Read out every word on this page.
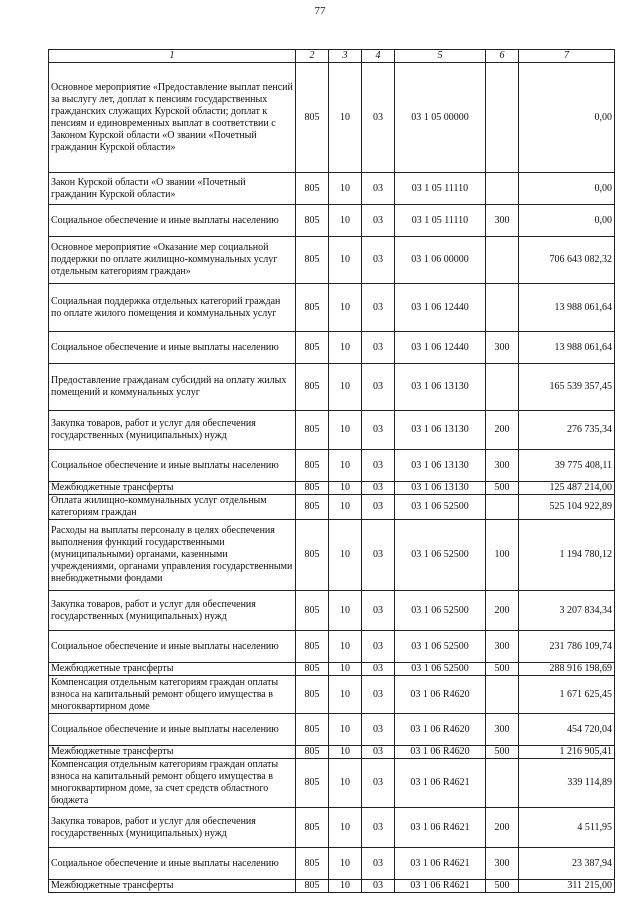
77
1	2	3	4	5	6	7
Основное мероприятие «Предоставление выплат пенсий за выслугу лет, доплат к пенсиям государственных гражданских служащих Курской области; доплат к пенсиям и единовременных выплат в соответствии с Законом Курской области «О звании «Почетный гражданин Курской области»	805	10	03	03 1 05 00000		0,00
Закон Курской области «О звании «Почетный гражданин Курской области»	805	10	03	03 1 05 11110		0,00
Социальное обеспечение и иные выплаты населению	805	10	03	03 1 05 11110	300	0,00
Основное мероприятие «Оказание мер социальной поддержки по оплате жилищно-коммунальных услуг отдельным категориям граждан»	805	10	03	03 1 06 00000		706 643 082,32
Социальная поддержка отдельных категорий граждан по оплате жилого помещения и коммунальных услуг	805	10	03	03 1 06 12440		13 988 061,64
Социальное обеспечение и иные выплаты населению	805	10	03	03 1 06 12440	300	13 988 061,64
Предоставление гражданам субсидий на оплату жилых помещений и коммунальных услуг	805	10	03	03 1 06 13130		165 539 357,45
Закупка товаров, работ и услуг для обеспечения государственных (муниципальных) нужд	805	10	03	03 1 06 13130	200	276 735,34
Социальное обеспечение и иные выплаты населению	805	10	03	03 1 06 13130	300	39 775 408,11
Межбюджетные трансферты	805	10	03	03 1 06 13130	500	125 487 214,00
Оплата жилищно-коммунальных услуг отдельным категориям граждан	805	10	03	03 1 06 52500		525 104 922,89
Расходы на выплаты персоналу в целях обеспечения выполнения функций государственными (муниципальными) органами, казенными учреждениями, органами управления государственными внебюджетными фондами	805	10	03	03 1 06 52500	100	1 194 780,12
Закупка товаров, работ и услуг для обеспечения государственных (муниципальных) нужд	805	10	03	03 1 06 52500	200	3 207 834,34
Социальное обеспечение и иные выплаты населению	805	10	03	03 1 06 52500	300	231 786 109,74
Межбюджетные трансферты	805	10	03	03 1 06 52500	500	288 916 198,69
Компенсация отдельным категориям граждан оплаты взноса на капитальный ремонт общего имущества в многоквартирном доме	805	10	03	03 1 06 R4620		1 671 625,45
Социальное обеспечение и иные выплаты населению	805	10	03	03 1 06 R4620	300	454 720,04
Межбюджетные трансферты	805	10	03	03 1 06 R4620	500	1 216 905,41
Компенсация отдельным категориям граждан оплаты взноса на капитальный ремонт общего имущества в многоквартирном доме, за счет средств областного бюджета	805	10	03	03 1 06 R4621		339 114,89
Закупка товаров, работ и услуг для обеспечения государственных (муниципальных) нужд	805	10	03	03 1 06 R4621	200	4 511,95
Социальное обеспечение и иные выплаты населению	805	10	03	03 1 06 R4621	300	23 387,94
Межбюджетные трансферты	805	10	03	03 1 06 R4621	500	311 215,00
